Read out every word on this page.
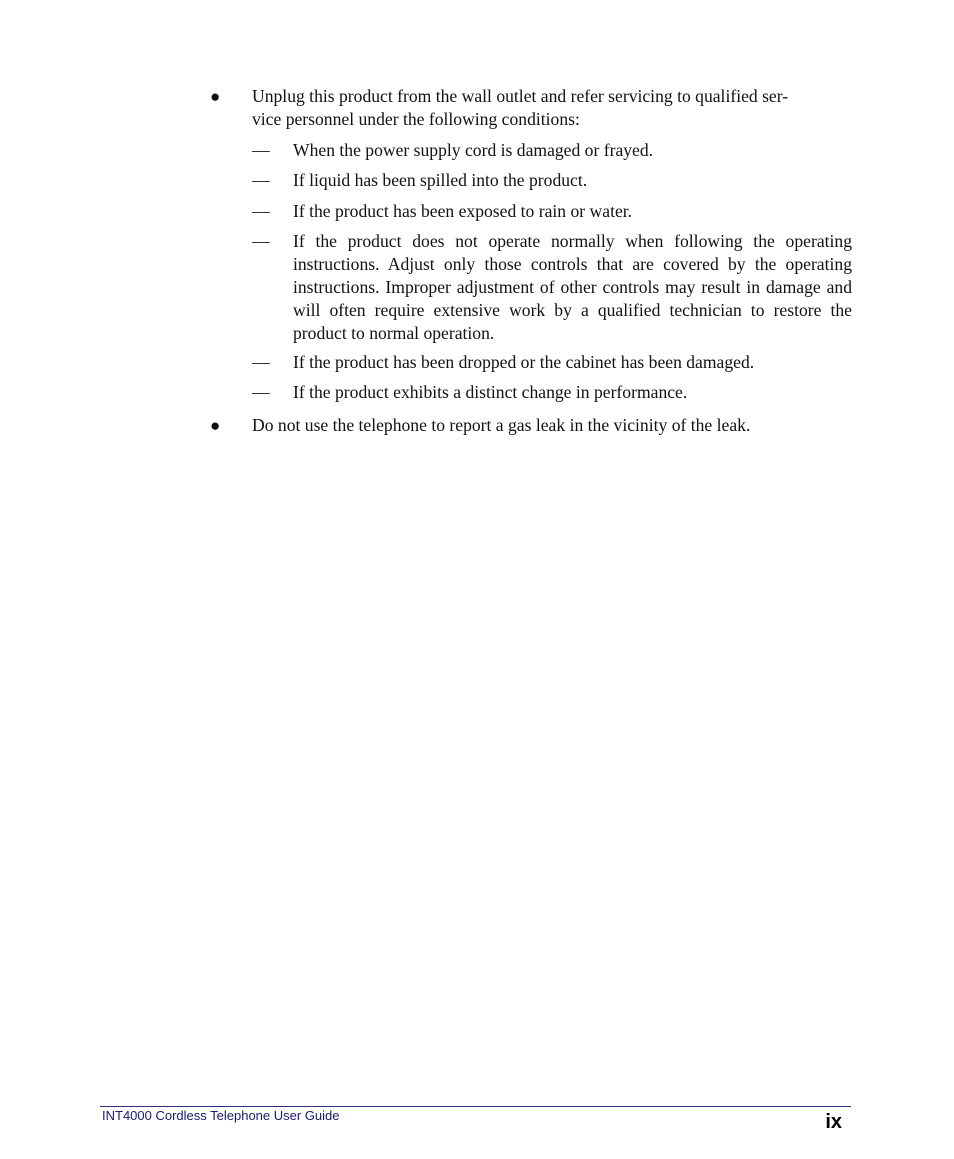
● Unplug this product from the wall outlet and refer servicing to qualified ser-
vice personnel under the following conditions:
—	When the power supply cord is damaged or frayed.
—	If liquid has been spilled into the product.
—	If the product has been exposed to rain or water.
—	If the product does not operate normally when following the operating instructions. Adjust only those controls that are covered by the operating instructions. Improper adjustment of other controls may result in damage and will often require extensive work by a qualified technician to restore the product to normal operation.
—	If the product has been dropped or the cabinet has been damaged.
—	If the product exhibits a distinct change in performance.
● Do not use the telephone to report a gas leak in the vicinity of the leak.
INT4000 Cordless Telephone User Guide	ix
